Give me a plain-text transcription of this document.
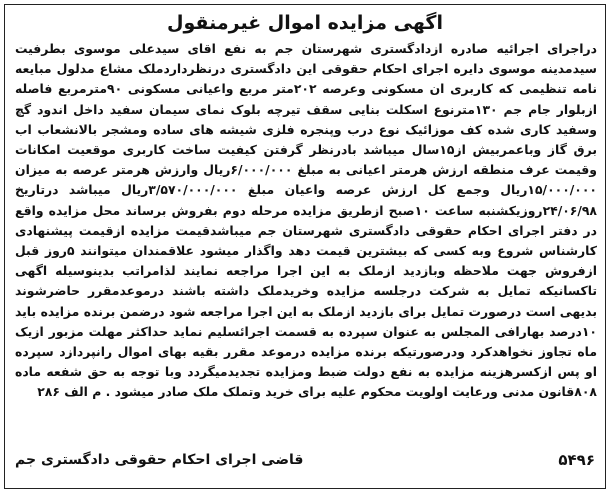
اگهی مزایده اموال غیرمنقول
دراجرای اجرائیه صادره ازدادگستری شهرستان جم به نفع اقای سیدعلی موسوی بطرفیت سیدمدینه موسوی دایره اجرای احکام حقوقی این دادگستری درنظرداردملک مشاع مدلول مبایعه نامه تنظیمی که کاربری ان مسکونی وعرصه ۲۰۲متر مربع واعیانی مسکونی ۹۰مترمربع فاصله ازبلوار جام جم ۱۳۰مترنوع اسکلت بنایی سقف تیرچه بلوک نمای سیمان سفید داخل اندود گچ وسفید کاری شده کف موزائیک نوع درب وپنجره فلزی شیشه های ساده ومشجر بالانشعاب اب برق گاز وباعمربیش از۱۵سال میباشد بادرنظر گرفتن کیفیت ساخت کاربری موقعیت امکانات وقیمت عرف منطقه ارزش هرمتر اعیانی به مبلغ ۶/۰۰۰/۰۰۰ریال وارزش هرمتر عرصه به میزان ۱۵/۰۰۰/۰۰۰ریال وجمع کل ارزش عرصه واعیان مبلغ ۳/۵۷۰/۰۰۰/۰۰۰ریال میباشد درتاریخ ۲۴/۰۶/۹۸روزیکشنبه ساعت ۱۰صبح ازطریق مزایده مرحله دوم بفروش برساند محل مزایده واقع در دفتر اجرای احکام حقوقی دادگستری شهرستان جم میباشدقیمت مزایده ازقیمت پیشنهادی کارشناس شروع وبه کسی که بیشترین قیمت دهد واگذار میشود علاقمندان میتوانند ۵روز قبل ازفروش جهت ملاحظه وبازدید ازملک به این اجرا مراجعه نمایند لذامراتب بدینوسیله اگهی تاکسانیکه تمایل به شرکت درجلسه مزایده وخریدملک داشته باشند درموعدمقرر حاضرشوند بدیهی است درصورت تمایل برای بازدید ازملک به این اجرا مراجعه شود درضمن برنده مزایده باید ۱۰درصد بهارافی المجلس به عنوان سپرده به قسمت اجرائسلیم نماید حداکثر مهلت مزبور ازیک ماه تجاوز نخواهدکرد ودرصورتیکه برنده مزایده درموعد مقرر بقیه بهای اموال رانپردازد سپرده او پس ازکسرهزینه مزایده به نفع دولت ضبط ومزایده تجدیدمیگردد وبا توجه به حق شفعه ماده ۸۰۸قانون مدنی ورعایت اولویت محکوم علیه برای خرید وتملک ملک صادر میشود . م الف ۲۸۶
۵۴۹۶
قاضی اجرای احکام حقوقی دادگستری جم
